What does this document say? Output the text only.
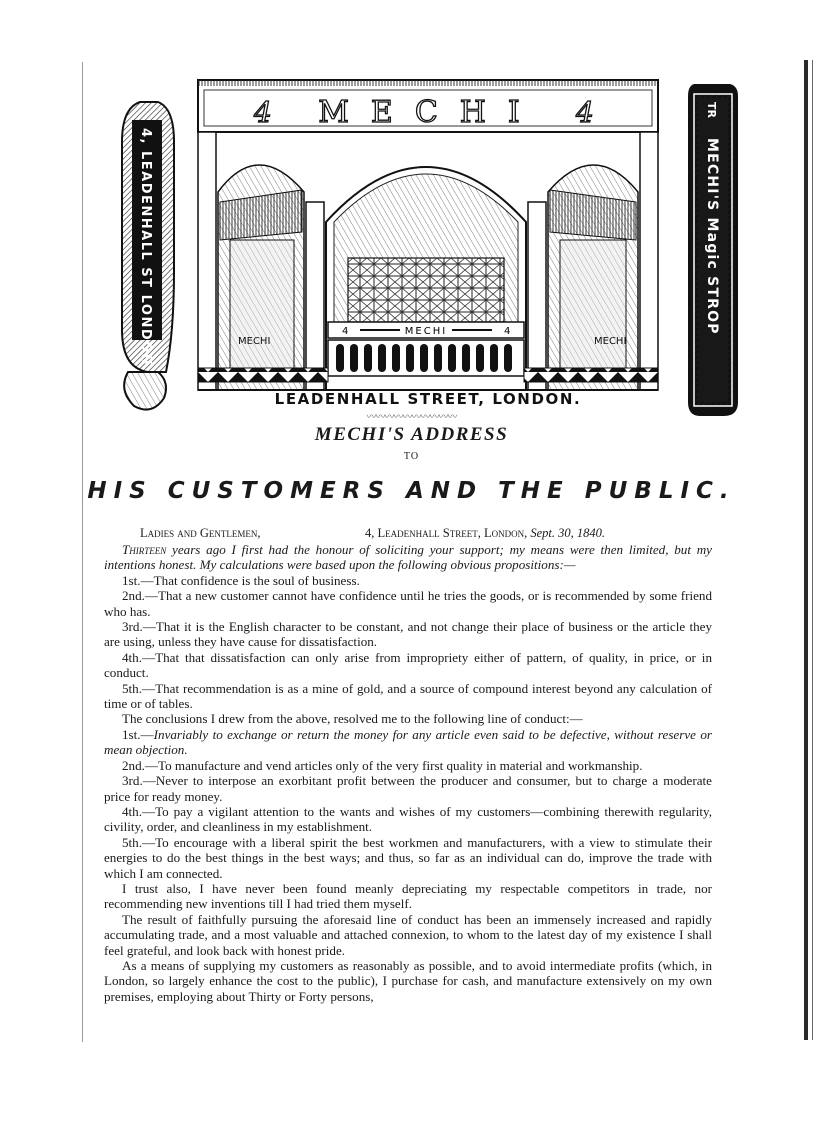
4, LEADENHALL ST LONDON.
TR
MECHI'S Magic STROP
4 MECHI 4
MECHI	MECHI
4	MECHI	4
LEADENHALL STREET, LONDON.
〰〰〰〰〰〰〰〰〰〰
MECHI'S ADDRESS
TO
HIS CUSTOMERS AND THE PUBLIC.
Ladies and Gentlemen,	4, Leadenhall Street, London, Sept. 30, 1840.

Thirteen years ago I first had the honour of soliciting your support; my means were then limited, but my intentions honest. My calculations were based upon the following obvious propositions:—

1st.—That confidence is the soul of business.

2nd.—That a new customer cannot have confidence until he tries the goods, or is recommended by some friend who has.

3rd.—That it is the English character to be constant, and not change their place of business or the article they are using, unless they have cause for dissatisfaction.

4th.—That that dissatisfaction can only arise from impropriety either of pattern, of quality, in price, or in conduct.

5th.—That recommendation is as a mine of gold, and a source of compound interest beyond any calculation of time or of tables.

The conclusions I drew from the above, resolved me to the following line of conduct:—

1st.—Invariably to exchange or return the money for any article even said to be defective, without reserve or mean objection.

2nd.—To manufacture and vend articles only of the very first quality in material and workmanship.

3rd.—Never to interpose an exorbitant profit between the producer and consumer, but to charge a moderate price for ready money.

4th.—To pay a vigilant attention to the wants and wishes of my customers—combining therewith regularity, civility, order, and cleanliness in my establishment.

5th.—To encourage with a liberal spirit the best workmen and manufacturers, with a view to stimulate their energies to do the best things in the best ways; and thus, so far as an individual can do, improve the trade with which I am connected.

I trust also, I have never been found meanly depreciating my respectable competitors in trade, nor recommending new inventions till I had tried them myself.

The result of faithfully pursuing the aforesaid line of conduct has been an immensely increased and rapidly accumulating trade, and a most valuable and attached connexion, to whom to the latest day of my existence I shall feel grateful, and look back with honest pride.

As a means of supplying my customers as reasonably as possible, and to avoid intermediate profits (which, in London, so largely enhance the cost to the public), I purchase for cash, and manufacture extensively on my own premises, employing about Thirty or Forty persons,
